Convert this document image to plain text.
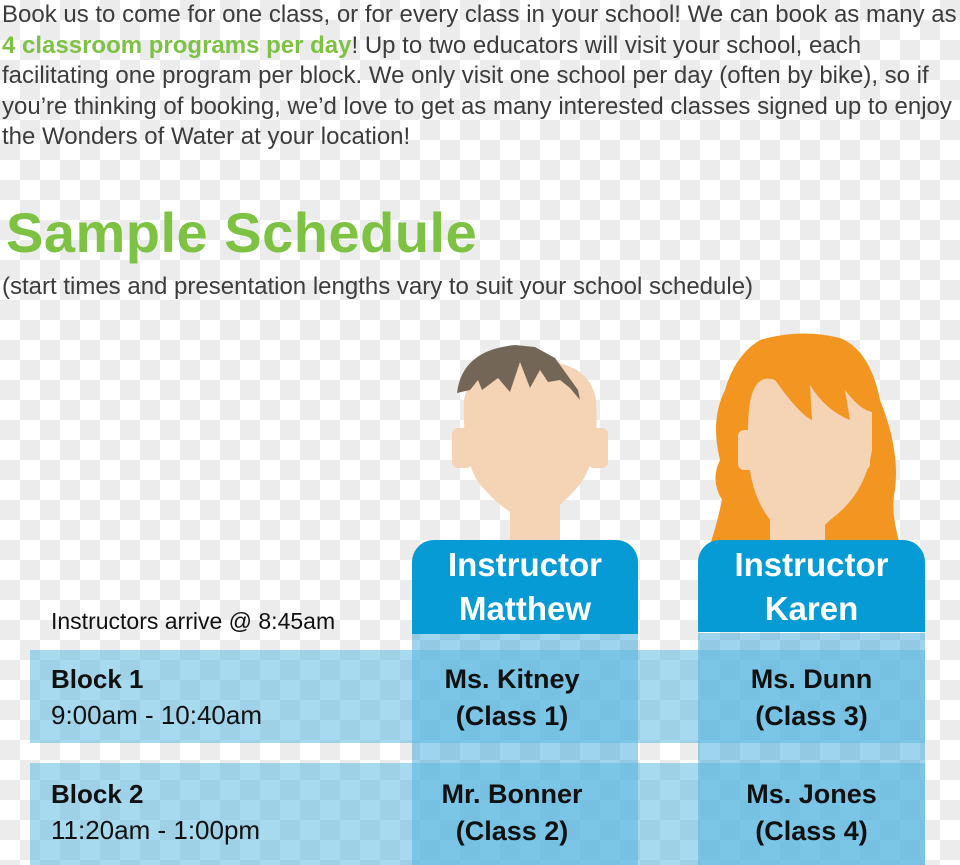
Book us to come for one class, or for every class in your school! We can book as many as 4 classroom programs per day! Up to two educators will visit your school, each facilitating one program per block. We only visit one school per day (often by bike), so if you’re thinking of booking, we’d love to get as many interested classes signed up to enjoy the Wonders of Water at your location!

Sample Schedule
(start times and presentation lengths vary to suit your school schedule)
Instructor
Matthew
Instructor
Karen
Instructors arrive @ 8:45am
Block 1
9:00am - 10:40am
Block 2
11:20am - 1:00pm
Ms. Kitney
(Class 1)
Ms. Dunn
(Class 3)
Mr. Bonner
(Class 2)
Ms. Jones
(Class 4)
